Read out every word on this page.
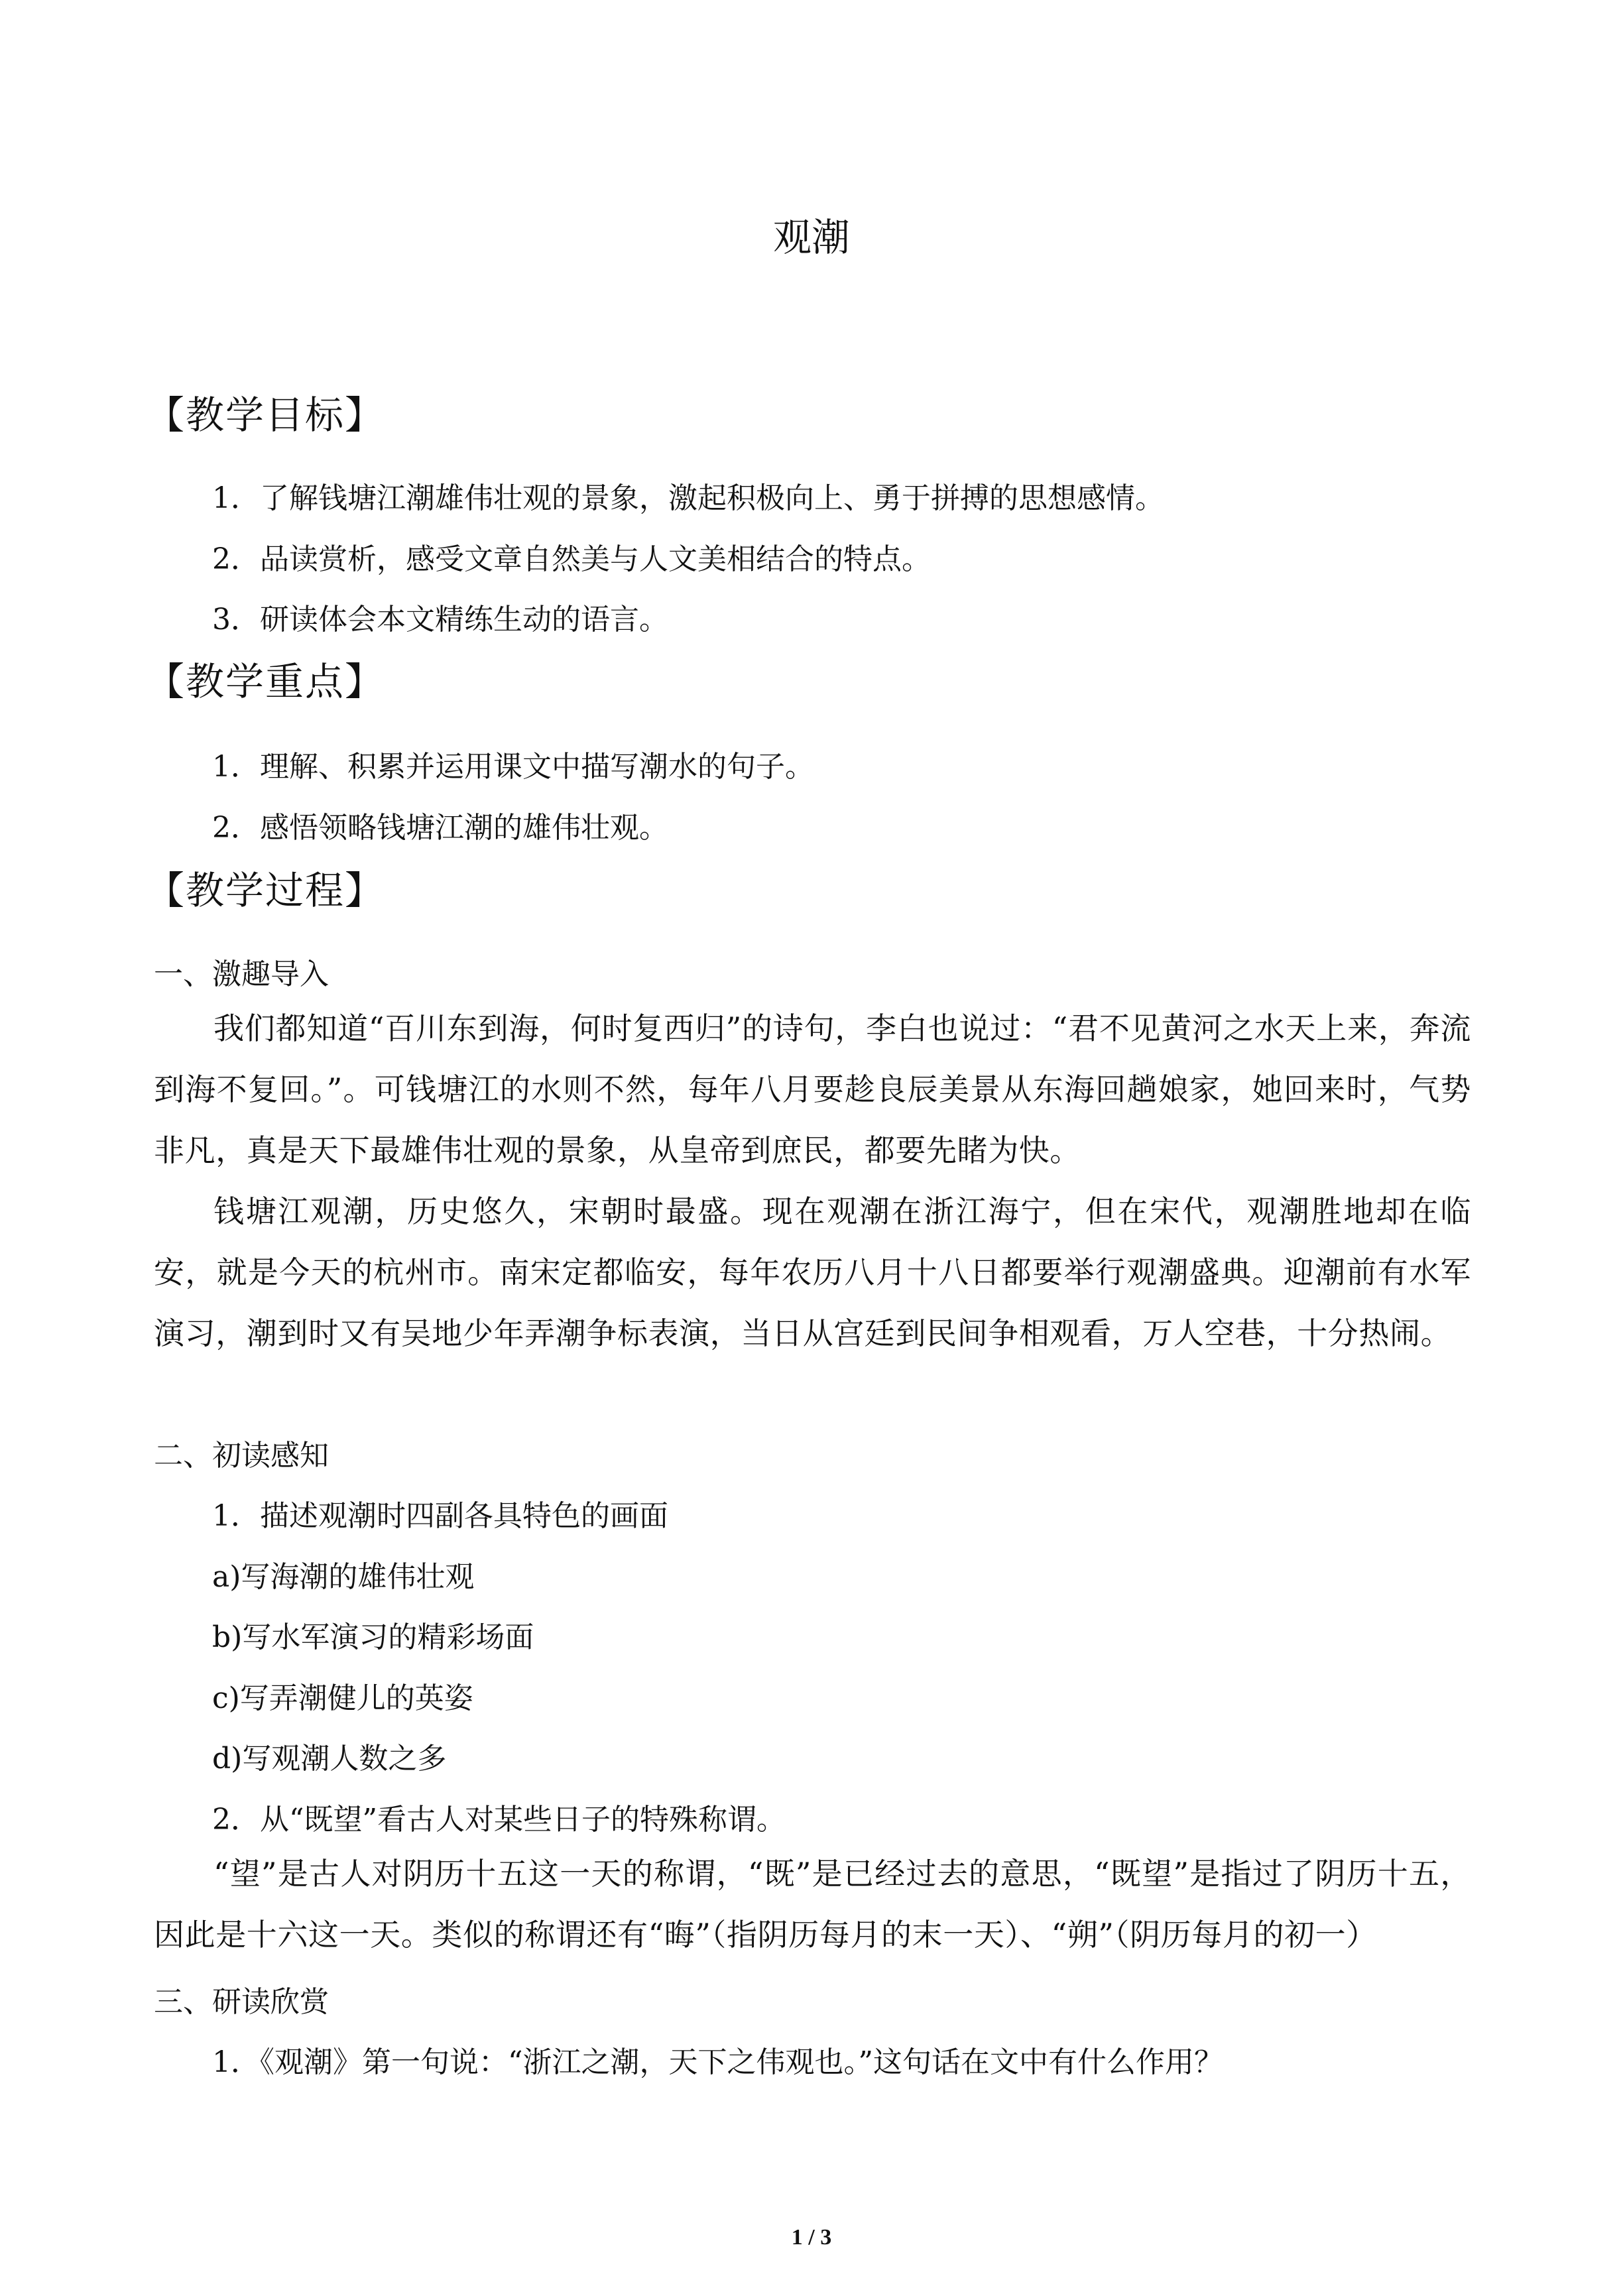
观潮
【教学目标】
1．了解钱塘江潮雄伟壮观的景象，激起积极向上、勇于拼搏的思想感情。
2．品读赏析，感受文章自然美与人文美相结合的特点。
3．研读体会本文精练生动的语言。
【教学重点】
1．理解、积累并运用课文中描写潮水的句子。
2．感悟领略钱塘江潮的雄伟壮观。
【教学过程】
一、激趣导入
我们都知道“百川东到海，何时复西归”的诗句，李白也说过：“君不见黄河之水天上来，奔流到海不复回。”。可钱塘江的水则不然，每年八月要趁良辰美景从东海回趟娘家，她回来时，气势非凡，真是天下最雄伟壮观的景象，从皇帝到庶民，都要先睹为快。
钱塘江观潮，历史悠久，宋朝时最盛。现在观潮在浙江海宁，但在宋代，观潮胜地却在临安，就是今天的杭州市。南宋定都临安，每年农历八月十八日都要举行观潮盛典。迎潮前有水军演习，潮到时又有吴地少年弄潮争标表演，当日从宫廷到民间争相观看，万人空巷，十分热闹。
二、初读感知
1．描述观潮时四副各具特色的画面
a)写海潮的雄伟壮观
b)写水军演习的精彩场面
c)写弄潮健儿的英姿
d)写观潮人数之多
2．从“既望”看古人对某些日子的特殊称谓。
“望”是古人对阴历十五这一天的称谓，“既”是已经过去的意思，“既望”是指过了阴历十五，因此是十六这一天。类似的称谓还有“晦”（指阴历每月的末一天）、“朔”（阴历每月的初一）
三、研读欣赏
1．《观潮》第一句说：“浙江之潮，天下之伟观也。”这句话在文中有什么作用？
1 / 3
